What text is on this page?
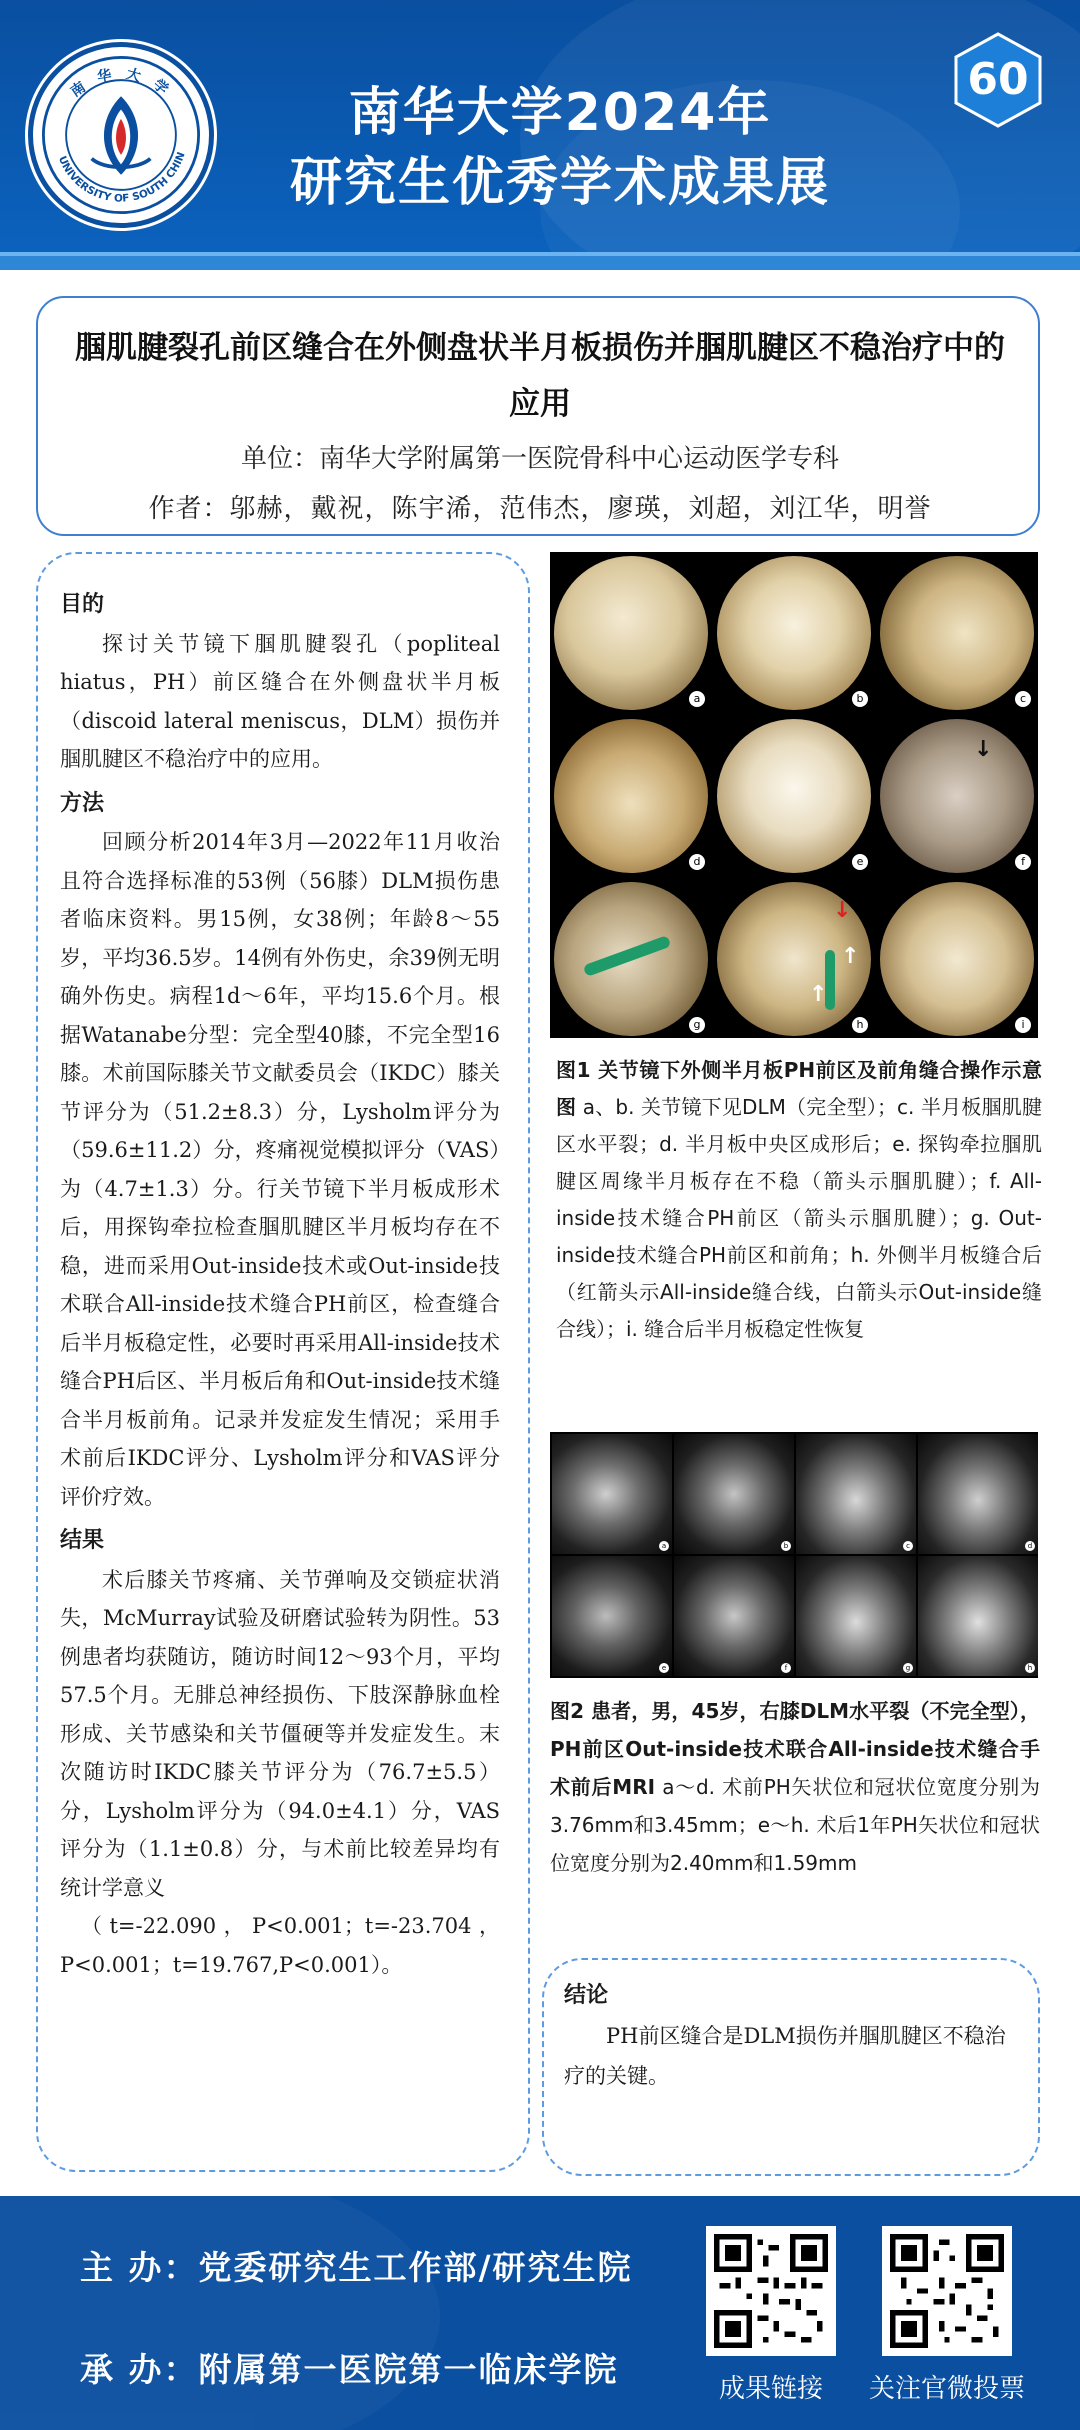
UNIVERSITY OF SOUTH CHIN
南华大学	南华大学2024年
研究生优秀学术成果展
60
腘肌腱裂孔前区缝合在外侧盘状半月板损伤并腘肌腱区不稳治疗中的应用
单位：南华大学附属第一医院骨科中心运动医学专科
作者：邬赫，戴祝，陈宇浠，范伟杰，廖瑛，刘超，刘江华，明誉
目的
探讨关节镜下腘肌腱裂孔（popliteal hiatus，PH）前区缝合在外侧盘状半月板（discoid lateral meniscus，DLM）损伤并腘肌腱区不稳治疗中的应用。
方法
回顾分析2014年3月—2022年11月收治且符合选择标准的53例（56膝）DLM损伤患者临床资料。男15例，女38例；年龄8～55岁，平均36.5岁。14例有外伤史，余39例无明确外伤史。病程1d～6年，平均15.6个月。根据Watanabe分型：完全型40膝，不完全型16膝。术前国际膝关节文献委员会（IKDC）膝关节评分为（51.2±8.3）分，Lysholm评分为（59.6±11.2）分，疼痛视觉模拟评分（VAS）为（4.7±1.3）分。行关节镜下半月板成形术后，用探钩牵拉检查腘肌腱区半月板均存在不稳，进而采用Out-inside技术或Out-inside技术联合All-inside技术缝合PH前区，检查缝合后半月板稳定性，必要时再采用All-inside技术缝合PH后区、半月板后角和Out-inside技术缝合半月板前角。记录并发症发生情况；采用手术前后IKDC评分、Lysholm评分和VAS评分评价疗效。
结果
术后膝关节疼痛、关节弹响及交锁症状消失，McMurray试验及研磨试验转为阴性。53例患者均获随访，随访时间12～93个月，平均57.5个月。无腓总神经损伤、下肢深静脉血栓形成、关节感染和关节僵硬等并发症发生。末次随访时IKDC膝关节评分为（76.7±5.5）分，Lysholm评分为（94.0±4.1）分，VAS评分为（1.1±0.8）分，与术前比较差异均有统计学意义
（t=-22.090，P<0.001；t=-23.704，P<0.001；t=19.767,P<0.001）。
a	b	c
d	e
↓
f
g
↓
↑
↑
h	i
图1 关节镜下外侧半月板PH前区及前角缝合操作示意图 a、b. 关节镜下见DLM（完全型）；c. 半月板腘肌腱区水平裂；d. 半月板中央区成形后；e. 探钩牵拉腘肌腱区周缘半月板存在不稳（箭头示腘肌腱）；f. All-inside技术缝合PH前区（箭头示腘肌腱）；g. Out-inside技术缝合PH前区和前角；h. 外侧半月板缝合后（红箭头示All-inside缝合线，白箭头示Out-inside缝合线）；i. 缝合后半月板稳定性恢复
a	b	c	d
e	f	g	h
图2 患者，男，45岁，右膝DLM水平裂（不完全型），PH前区Out-inside技术联合All-inside技术缝合手术前后MRI a～d. 术前PH矢状位和冠状位宽度分别为3.76mm和3.45mm；e～h. 术后1年PH矢状位和冠状位宽度分别为2.40mm和1.59mm
结论
PH前区缝合是DLM损伤并腘肌腱区不稳治疗的关键。
主 办：党委研究生工作部/研究生院
承 办：附属第一医院第一临床学院	成果链接	关注官微投票
